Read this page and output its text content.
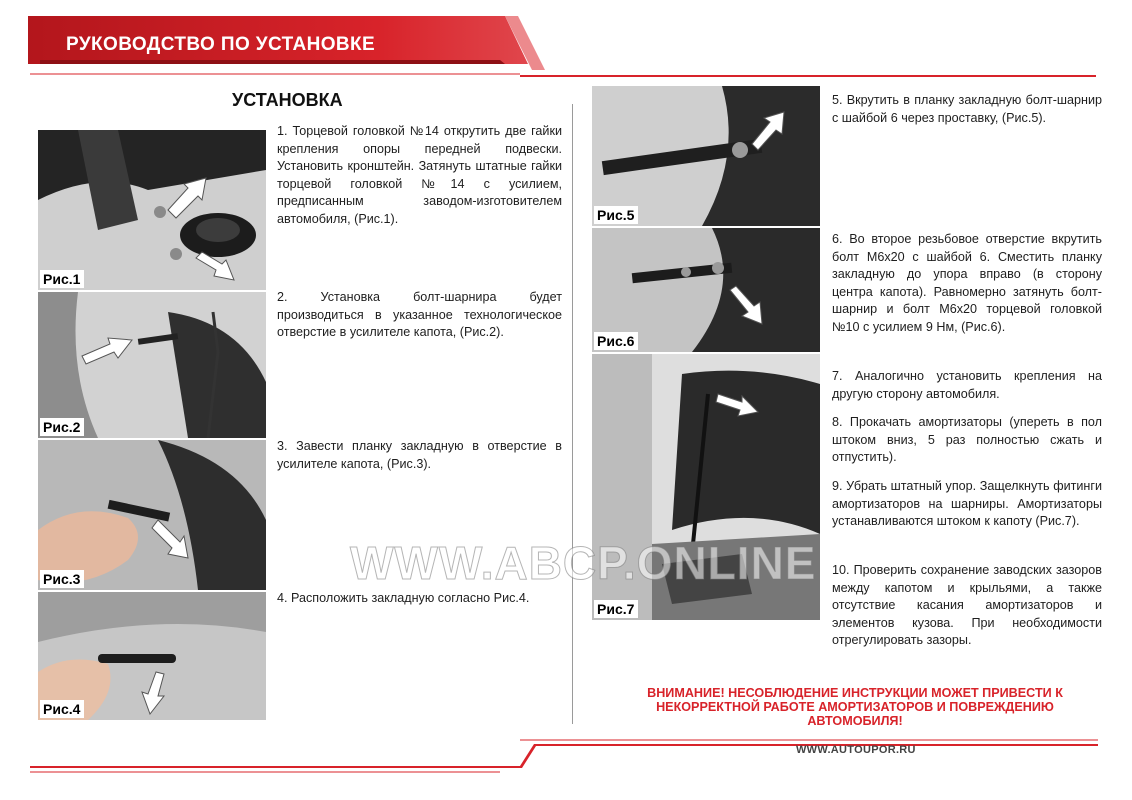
РУКОВОДСТВО ПО УСТАНОВКЕ
УСТАНОВКА
Рис.1
Рис.2
Рис.3
Рис.4

1. Торцевой головкой №14 открутить две гайки крепления опоры передней подвески. Установить кронштейн. Затянуть штатные гайки торцевой головкой №14 с усилием, предписанным заводом-изготовителем автомобиля, (Рис.1).

2. Установка болт-шарнира будет производиться в указанное технологическое отверстие в усилителе капота, (Рис.2).

3. Завести планку закладную в отверстие в усилителе капота, (Рис.3).

4. Расположить закладную согласно Рис.4.

Рис.5
Рис.6
Рис.7

5. Вкрутить в планку закладную болт-шарнир с шайбой 6 через проставку, (Рис.5).

6. Во второе резьбовое отверстие вкрутить болт М6х20 с шайбой 6. Сместить планку закладную до упора вправо (в сторону центра капота). Равномерно затянуть болт-шарнир и болт М6х20 торцевой головкой №10 с усилием 9 Нм, (Рис.6).

7. Аналогично установить крепления на другую сторону автомобиля.

8. Прокачать амортизаторы (упереть в пол штоком вниз, 5 раз полностью сжать и отпустить).

9. Убрать штатный упор. Защелкнуть фитинги амортизаторов на шарниры. Амортизаторы устанавливаются штоком к капоту (Рис.7).

10. Проверить сохранение заводских зазоров между капотом и крыльями, а также отсутствие касания амортизаторов и элементов кузова. При необходимости отрегулировать зазоры.

ВНИМАНИЕ! НЕСОБЛЮДЕНИЕ ИНСТРУКЦИИ МОЖЕТ ПРИВЕСТИ К НЕКОРРЕКТНОЙ РАБОТЕ АМОРТИЗАТОРОВ И ПОВРЕЖДЕНИЮ АВТОМОБИЛЯ!
WWW.ABCP.ONLINE
WWW.AUTOUPOR.RU
